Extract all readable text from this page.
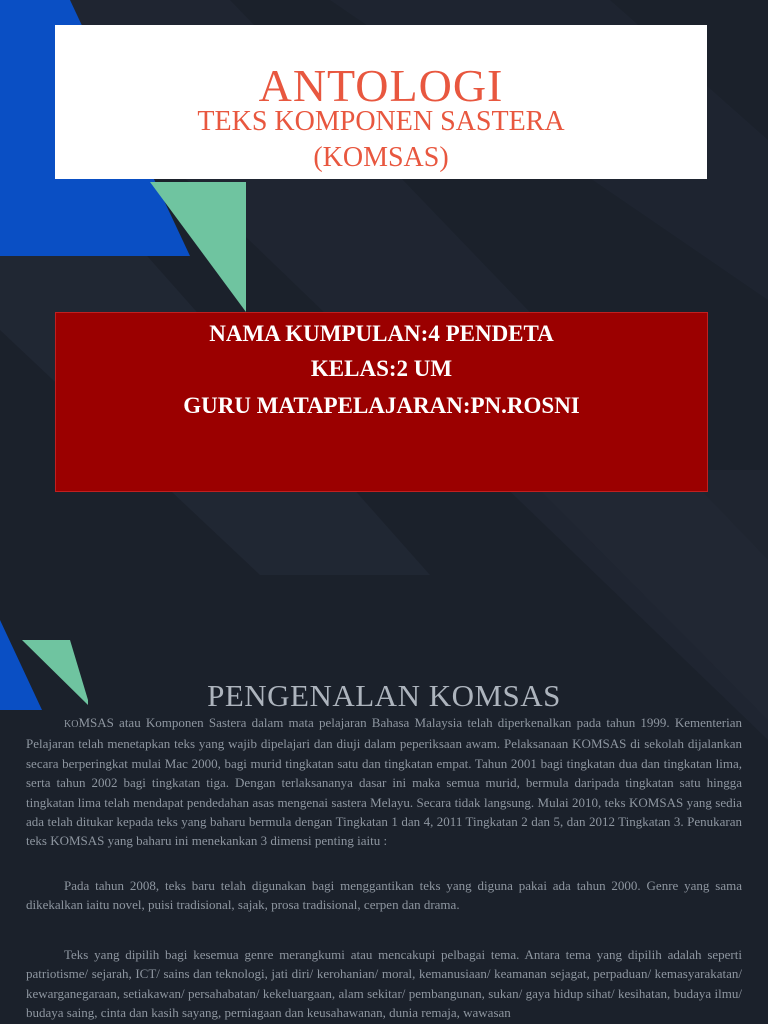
ANTOLOGI
TEKS KOMPONEN SASTERA
(KOMSAS)
NAMA KUMPULAN:4 PENDETA
KELAS:2 UM
GURU MATAPELAJARAN:PN.ROSNI
PENGENALAN KOMSAS

KOMSAS atau Komponen Sastera dalam mata pelajaran Bahasa Malaysia telah diperkenalkan pada tahun 1999. Kementerian Pelajaran telah menetapkan teks yang wajib dipelajari dan diuji dalam peperiksaan awam. Pelaksanaan KOMSAS di sekolah dijalankan secara berperingkat mulai Mac 2000, bagi murid tingkatan satu dan tingkatan empat. Tahun 2001 bagi tingkatan dua dan tingkatan lima, serta tahun 2002 bagi tingkatan tiga. Dengan terlaksananya dasar ini maka semua murid, bermula daripada tingkatan satu hingga tingkatan lima telah mendapat pendedahan asas mengenai sastera Melayu. Secara tidak langsung. Mulai 2010, teks KOMSAS yang sedia ada telah ditukar kepada teks yang baharu bermula dengan Tingkatan 1 dan 4, 2011 Tingkatan 2 dan 5, dan 2012 Tingkatan 3. Penukaran teks KOMSAS yang baharu ini menekankan 3 dimensi penting iaitu :

Pada tahun 2008, teks baru telah digunakan bagi menggantikan teks yang diguna pakai ada tahun 2000. Genre yang sama dikekalkan iaitu novel, puisi tradisional, sajak, prosa tradisional, cerpen dan drama.

Teks yang dipilih bagi kesemua genre merangkumi atau mencakupi pelbagai tema. Antara tema yang dipilih adalah seperti patriotisme/ sejarah, ICT/ sains dan teknologi, jati diri/ kerohanian/ moral, kemanusiaan/ keamanan sejagat, perpaduan/ kemasyarakatan/ kewarganegaraan, setiakawan/ persahabatan/ kekeluargaan, alam sekitar/ pembangunan, sukan/ gaya hidup sihat/ kesihatan, budaya ilmu/ budaya saing, cinta dan kasih sayang, perniagaan dan keusahawanan, dunia remaja, wawasan
